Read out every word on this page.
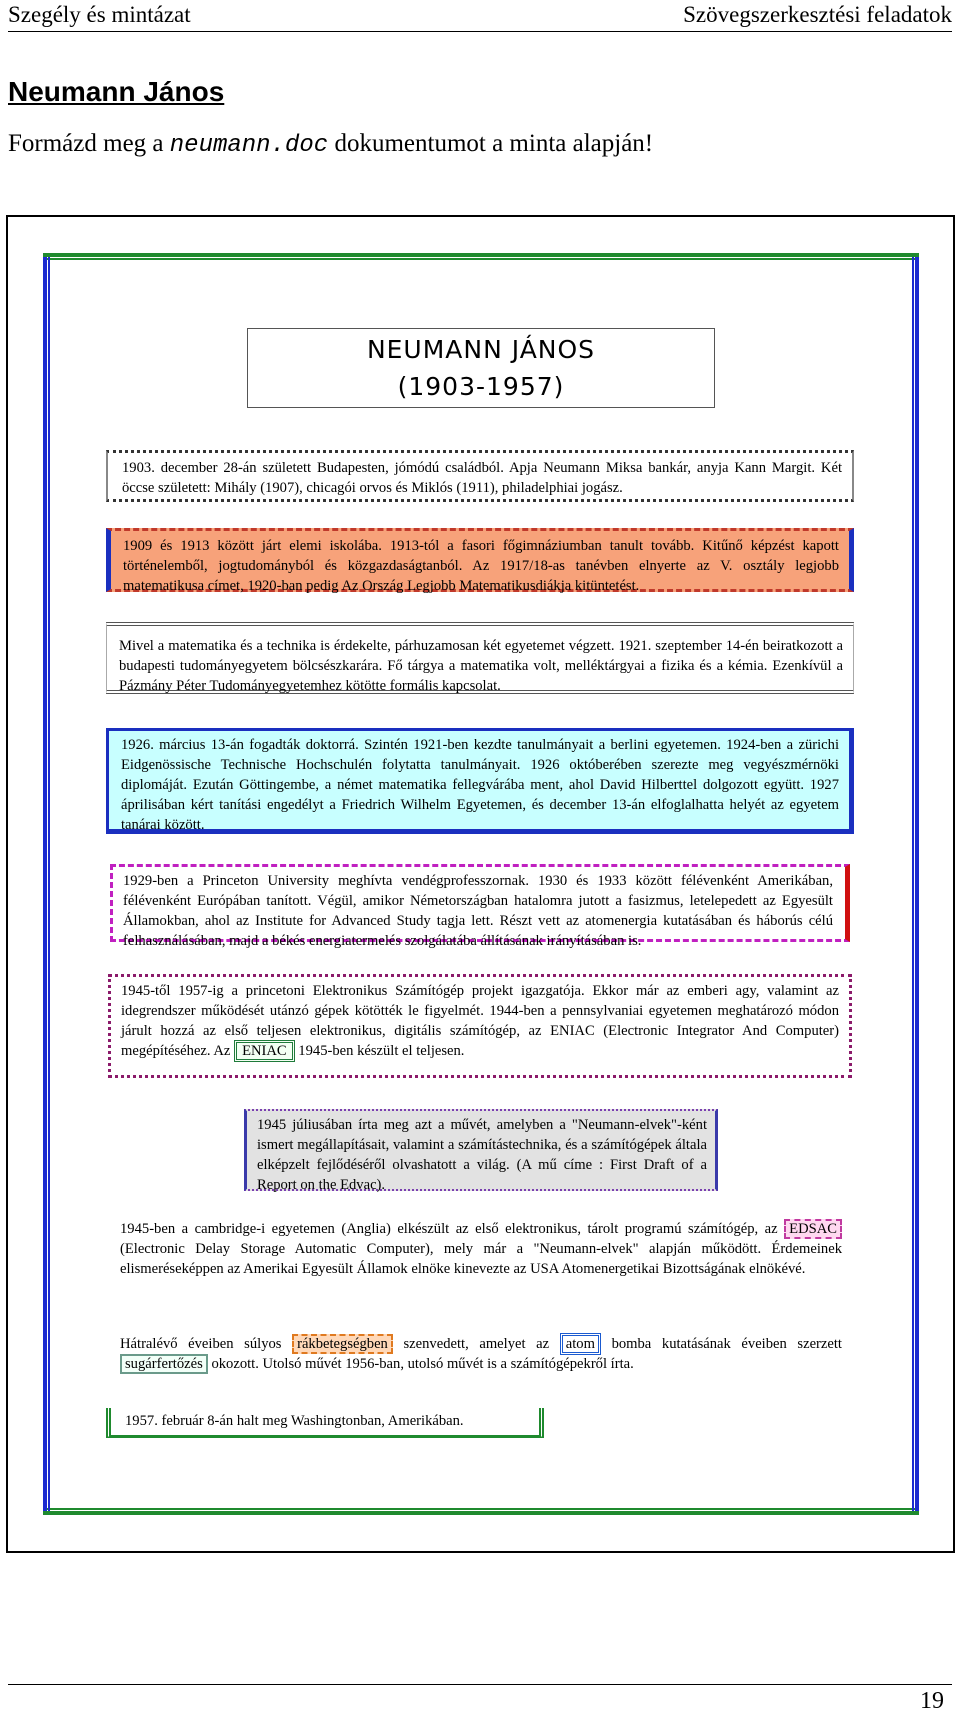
Szegély és mintázat	Szövegszerkesztési feladatok
Neumann János
Formázd meg a neumann.doc dokumentumot a minta alapján!
NEUMANN JÁNOS
(1903-1957)
1903. december 28-án született Budapesten, jómódú családból. Apja Neumann Miksa bankár, anyja Kann Margit. Két öccse született: Mihály (1907), chicagói orvos és Miklós (1911), philadelphiai jogász.
1909 és 1913 között járt elemi iskolába. 1913-tól a fasori főgimnáziumban tanult tovább. Kitűnő képzést kapott történelemből, jogtudományból és közgazdaságtanból. Az 1917/18-as tanévben elnyerte az V. osztály legjobb matematikusa címet, 1920-ban pedig Az Ország Legjobb Matematikusdiákja kitüntetést.
Mivel a matematika és a technika is érdekelte, párhuzamosan két egyetemet végzett. 1921. szeptember 14-én beiratkozott a budapesti tudományegyetem bölcsészkarára. Fő tárgya a matematika volt, melléktárgyai a fizika és a kémia. Ezenkívül a Pázmány Péter Tudományegyetemhez kötötte formális kapcsolat.
1926. március 13-án fogadták doktorrá. Szintén 1921-ben kezdte tanulmányait a berlini egyetemen. 1924-ben a zürichi Eidgenössische Technische Hochschulén folytatta tanulmányait. 1926 októberében szerezte meg vegyészmérnöki diplomáját. Ezután Göttingembe, a német matematika fellegvárába ment, ahol David Hilberttel dolgozott együtt. 1927 áprilisában kért tanítási engedélyt a Friedrich Wilhelm Egyetemen, és december 13-án elfoglalhatta helyét az egyetem tanárai között.
1929-ben a Princeton University meghívta vendégprofesszornak. 1930 és 1933 között félévenként Amerikában, félévenként Európában tanított. Végül, amikor Németországban hatalomra jutott a fasizmus, letelepedett az Egyesült Államokban, ahol az Institute for Advanced Study tagja lett. Részt vett az atomenergia kutatásában és háborús célú felhasználásában, majd a békés energiatermelés szolgálatába állításának irányításában is.
1945-től 1957-ig a princetoni Elektronikus Számítógép projekt igazgatója. Ekkor már az emberi agy, valamint az idegrendszer működését utánzó gépek kötötték le figyelmét. 1944-ben a pennsylvaniai egyetemen meghatározó módon járult hozzá az első teljesen elektronikus, digitális számítógép, az ENIAC (Electronic Integrator And Computer) megépítéséhez. Az ENIAC 1945-ben készült el teljesen.
1945 júliusában írta meg azt a művét, amelyben a "Neumann-elvek"-ként ismert megállapításait, valamint a számítástechnika, és a számítógépek általa elképzelt fejlődéséről olvashatott a világ. (A mű címe : First Draft of a Report on the Edvac).
1945-ben a cambridge-i egyetemen (Anglia) elkészült az első elektronikus, tárolt programú számítógép, az EDSAC (Electronic Delay Storage Automatic Computer), mely már a "Neumann-elvek" alapján működött. Érdemeinek elismeréseképpen az Amerikai Egyesült Államok elnöke kinevezte az USA Atomenergetikai Bizottságának elnökévé.
Hátralévő éveiben súlyos rákbetegségben szenvedett, amelyet az atom bomba kutatásának éveiben szerzett sugárfertőzés okozott. Utolsó művét 1956-ban, utolsó művét is a számítógépekről írta.
1957. február 8-án halt meg Washingtonban, Amerikában.
19
